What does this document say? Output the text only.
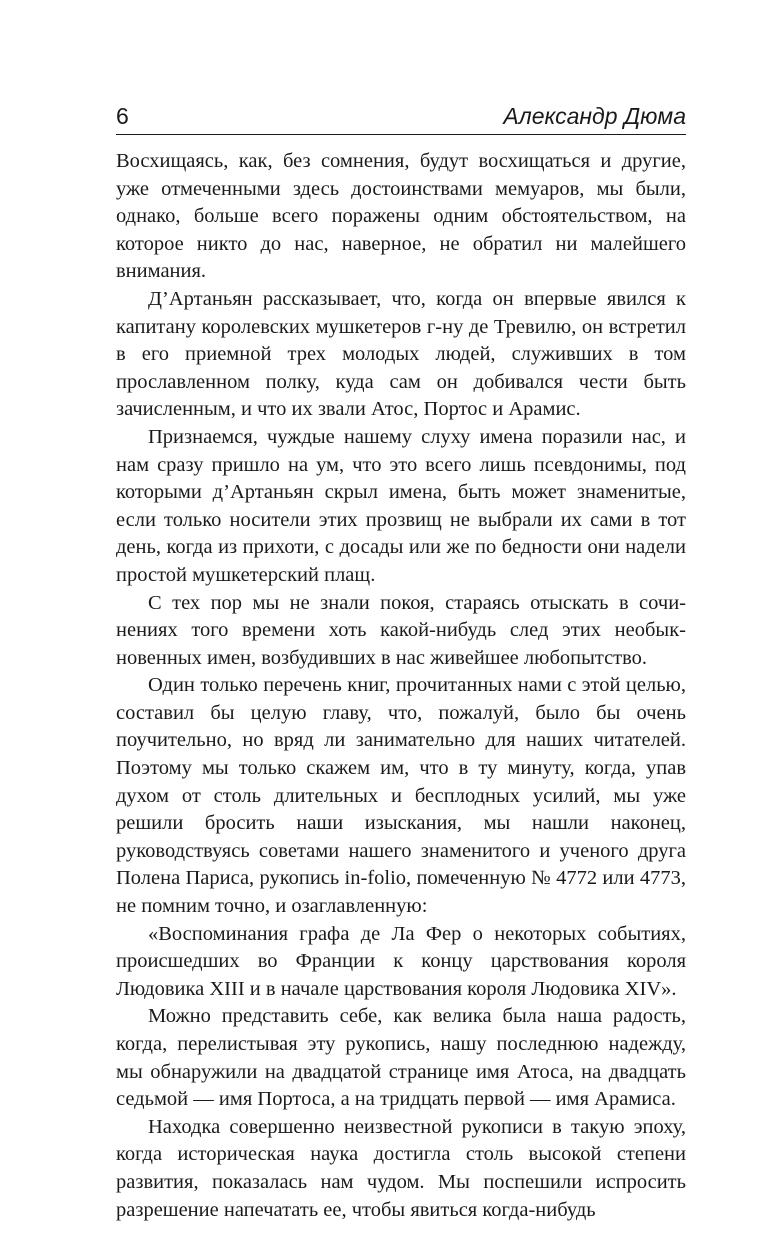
6	Александр Дюма

Восхищаясь, как, без сомнения, будут восхищаться и другие, уже отмеченными здесь достоинствами мемуаров, мы были, однако, больше всего поражены одним обстоятельством, на которое никто до нас, наверное, не обратил ни малейшего внимания.

Д’Артаньян рассказывает, что, когда он впервые явился к капитану королевских мушкетеров г-ну де Тревилю, он встретил в его приемной трех молодых людей, служивших в том прославленном полку, куда сам он добивался чести быть зачисленным, и что их звали Атос, Портос и Арамис.

Признаемся, чуждые нашему слуху имена поразили нас, и нам сразу пришло на ум, что это всего лишь псевдонимы, под которыми д’Артаньян скрыл имена, быть может знаменитые, если только носители этих прозвищ не выбрали их сами в тот день, когда из прихоти, с досады или же по бедности они надели простой мушкетерский плащ.

С тех пор мы не знали покоя, стараясь отыскать в сочинениях того времени хоть какой-нибудь след этих необыкновенных имен, возбудивших в нас живейшее любопытство.

Один только перечень книг, прочитанных нами с этой целью, составил бы целую главу, что, пожалуй, было бы очень поучительно, но вряд ли занимательно для наших читателей. Поэтому мы только скажем им, что в ту минуту, когда, упав духом от столь длительных и бесплодных усилий, мы уже решили бросить наши изыскания, мы нашли наконец, руководствуясь советами нашего знаменитого и ученого друга Полена Париса, рукопись in-folio, помеченную № 4772 или 4773, не помним точно, и озаглавленную:

«Воспоминания графа де Ла Фер о некоторых событиях, происшедших во Франции к концу царствования короля Людовика XIII и в начале царствования короля Людовика XIV».

Можно представить себе, как велика была наша радость, когда, перелистывая эту рукопись, нашу последнюю надежду, мы обнаружили на двадцатой странице имя Атоса, на двадцать седьмой — имя Портоса, а на тридцать первой — имя Арамиса.

Находка совершенно неизвестной рукописи в такую эпоху, когда историческая наука достигла столь высокой степени развития, показалась нам чудом. Мы поспешили испросить разрешение напечатать ее, чтобы явиться когда-нибудь
